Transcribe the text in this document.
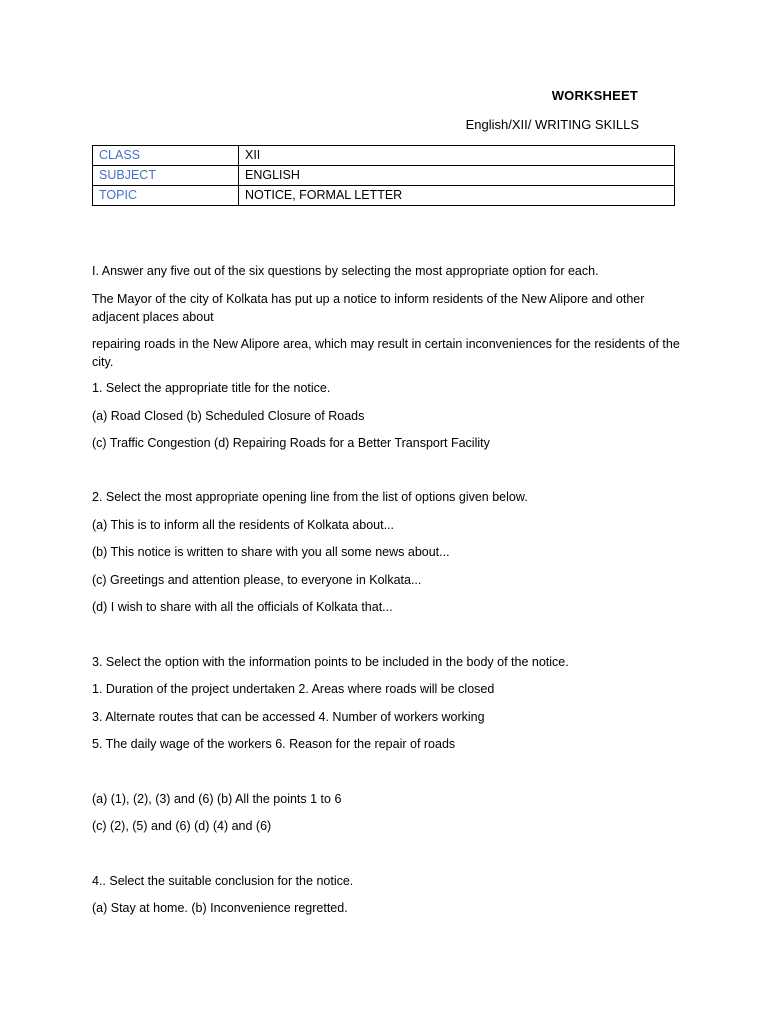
WORKSHEET
English/XII/ WRITING SKILLS
CLASS	XII
SUBJECT	ENGLISH
TOPIC	NOTICE, FORMAL LETTER

I. Answer any five out of the six questions by selecting the most appropriate option for each.

The Mayor of the city of Kolkata has put up a notice to inform residents of the New Alipore and other adjacent places about

repairing roads in the New Alipore area, which may result in certain inconveniences for the residents of the city.

1. Select the appropriate title for the notice.

(a) Road Closed (b) Scheduled Closure of Roads

(c) Traffic Congestion (d) Repairing Roads for a Better Transport Facility

2. Select the most appropriate opening line from the list of options given below.

(a) This is to inform all the residents of Kolkata about...

(b) This notice is written to share with you all some news about...

(c) Greetings and attention please, to everyone in Kolkata...

(d) I wish to share with all the officials of Kolkata that...

3. Select the option with the information points to be included in the body of the notice.

1. Duration of the project undertaken 2. Areas where roads will be closed

3. Alternate routes that can be accessed 4. Number of workers working

5. The daily wage of the workers 6. Reason for the repair of roads

(a) (1), (2), (3) and (6) (b) All the points 1 to 6

(c) (2), (5) and (6) (d) (4) and (6)

4.. Select the suitable conclusion for the notice.

(a) Stay at home. (b) Inconvenience regretted.
